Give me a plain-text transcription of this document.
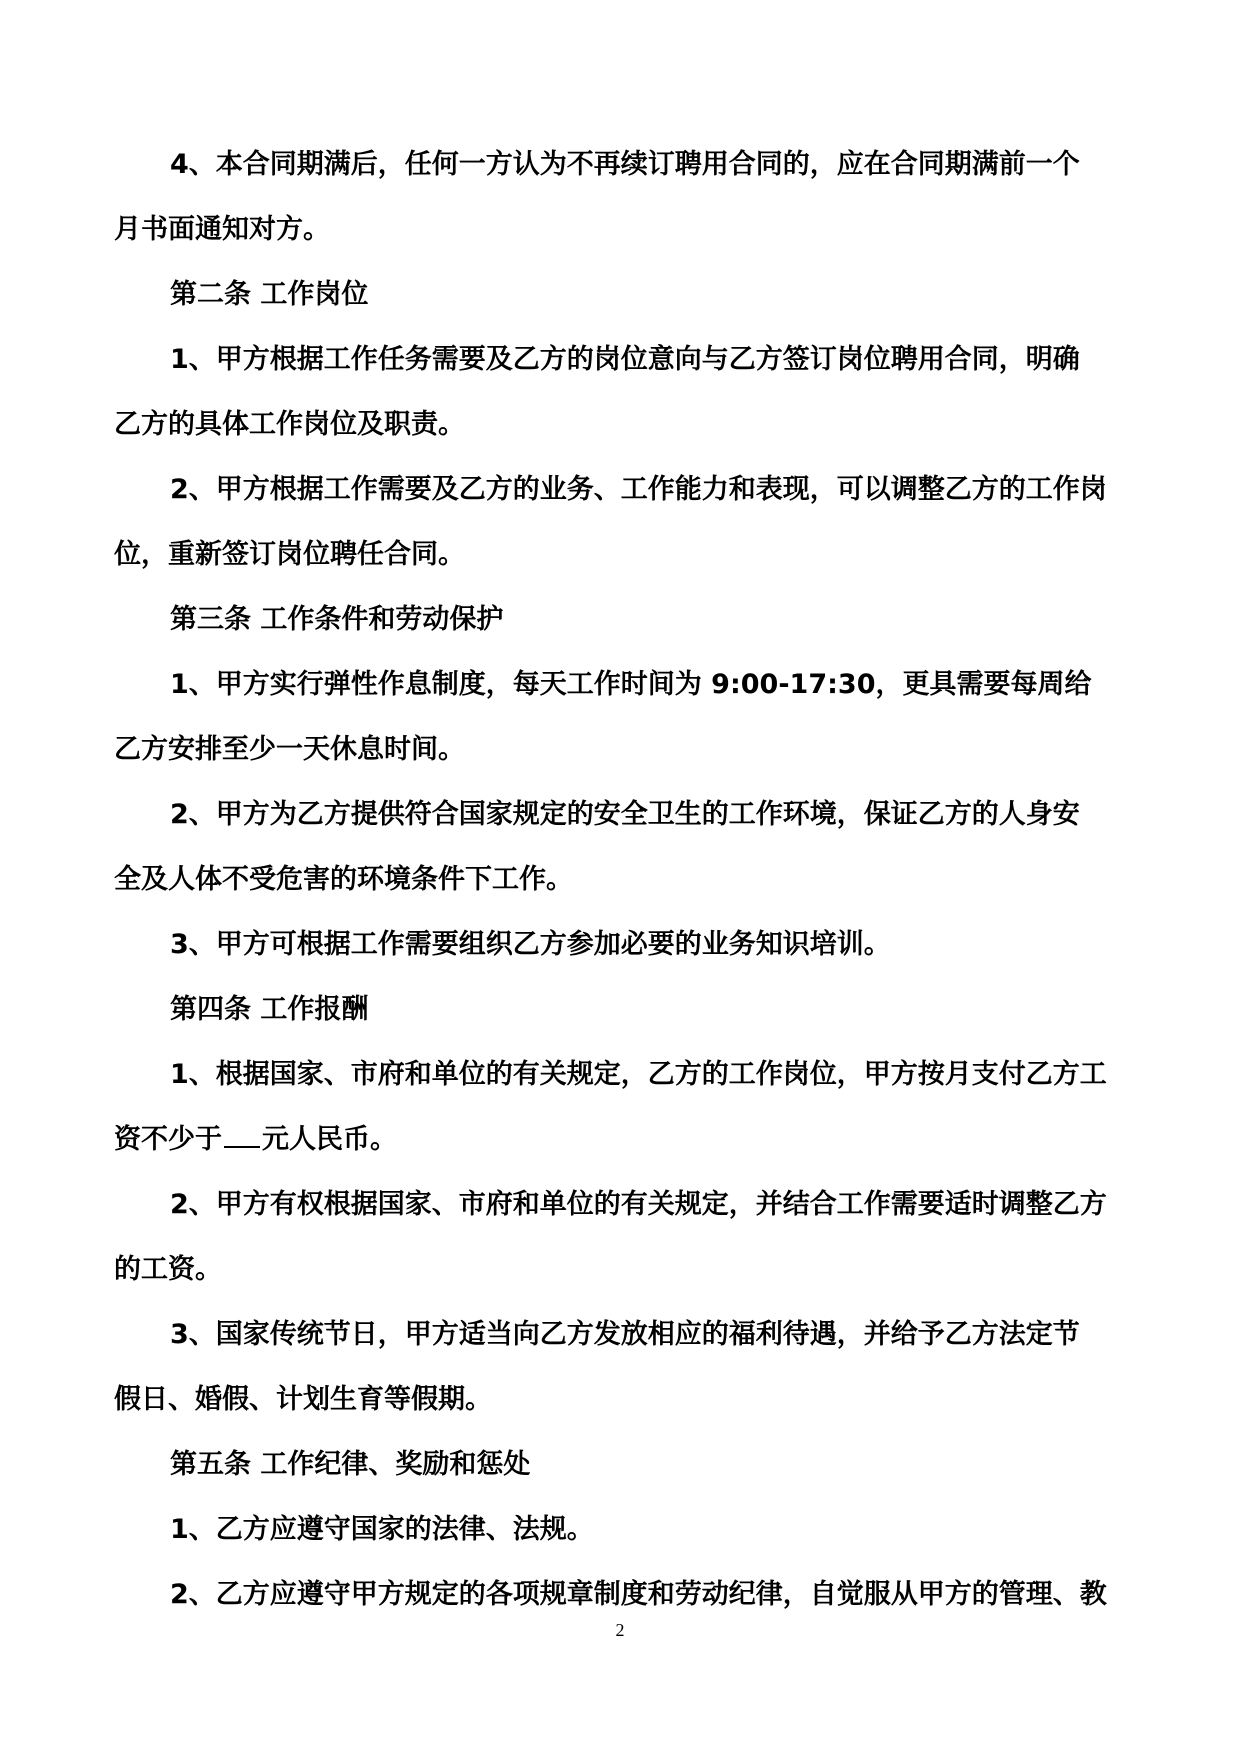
4、本合同期满后，任何一方认为不再续订聘用合同的，应在合同期满前一个

月书面通知对方。

第二条 工作岗位

1、甲方根据工作任务需要及乙方的岗位意向与乙方签订岗位聘用合同，明确

乙方的具体工作岗位及职责。

2、甲方根据工作需要及乙方的业务、工作能力和表现，可以调整乙方的工作岗

位，重新签订岗位聘任合同。

第三条 工作条件和劳动保护

1、甲方实行弹性作息制度，每天工作时间为 9:00-17:30，更具需要每周给

乙方安排至少一天休息时间。

2、甲方为乙方提供符合国家规定的安全卫生的工作环境，保证乙方的人身安

全及人体不受危害的环境条件下工作。

3、甲方可根据工作需要组织乙方参加必要的业务知识培训。

第四条 工作报酬

1、根据国家、市府和单位的有关规定，乙方的工作岗位，甲方按月支付乙方工

资不少于 元人民币。

2、甲方有权根据国家、市府和单位的有关规定，并结合工作需要适时调整乙方

的工资。

3、国家传统节日，甲方适当向乙方发放相应的福利待遇，并给予乙方法定节

假日、婚假、计划生育等假期。

第五条 工作纪律、奖励和惩处

1、乙方应遵守国家的法律、法规。

2、乙方应遵守甲方规定的各项规章制度和劳动纪律，自觉服从甲方的管理、教

2
